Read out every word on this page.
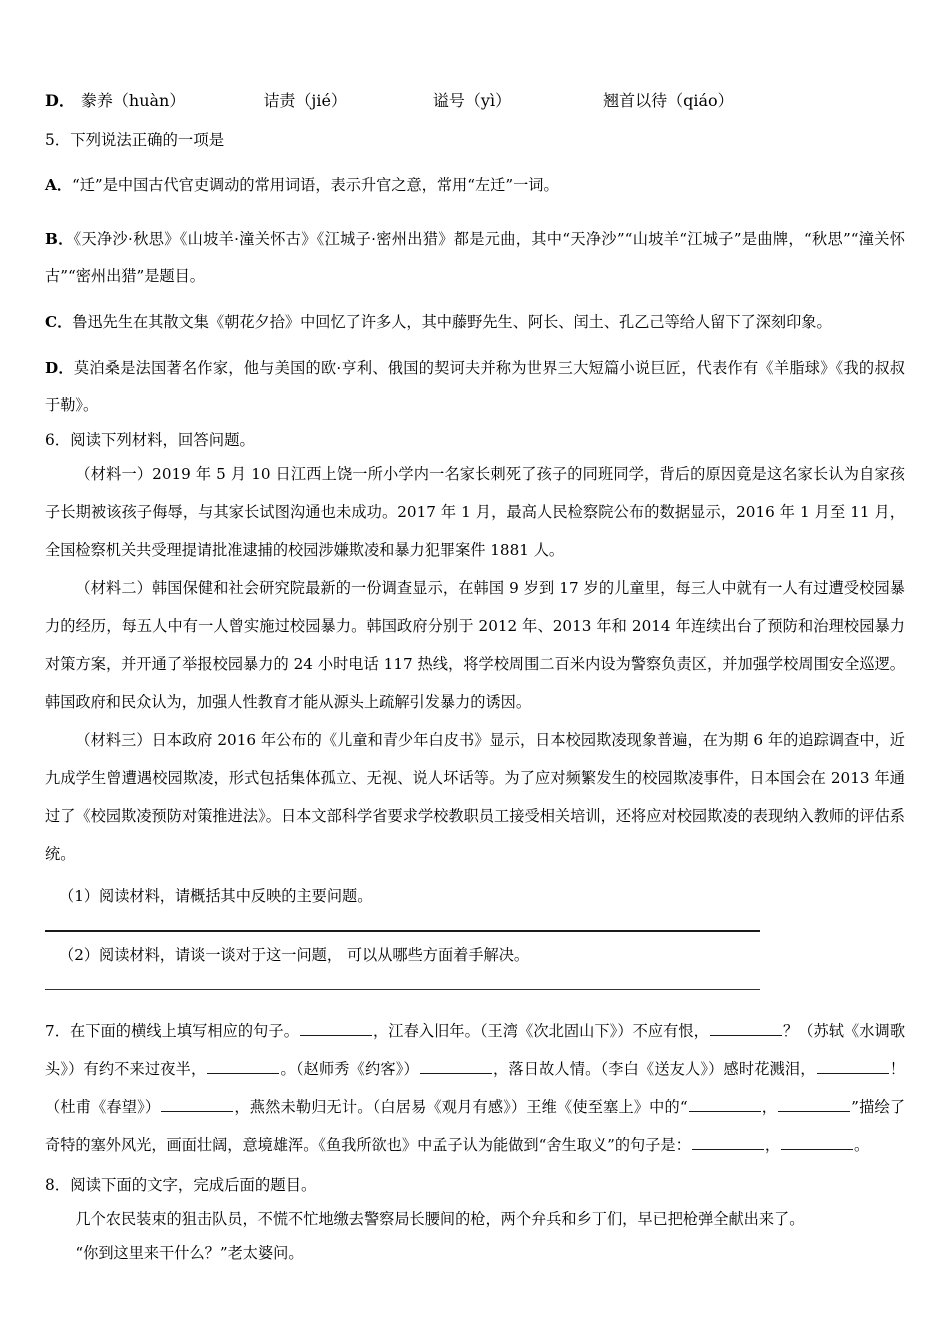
D． 豢养（huàn）	诘责（jié）	谥号（yì）	翘首以待（qiáo）
5．下列说法正确的一项是
A．“迁”是中国古代官吏调动的常用词语，表示升官之意，常用“左迁”一词。
B．《天净沙·秋思》《山坡羊·潼关怀古》《江城子·密州出猎》都是元曲，其中“天净沙”“山坡羊“江城子”是曲牌，“秋思”“潼关怀古”“密州出猎”是题目。
C．鲁迅先生在其散文集《朝花夕拾》中回忆了许多人，其中藤野先生、阿长、闰土、孔乙己等给人留下了深刻印象。
D．莫泊桑是法国著名作家，他与美国的欧·亨利、俄国的契诃夫并称为世界三大短篇小说巨匠，代表作有《羊脂球》《我的叔叔于勒》。
6．阅读下列材料，回答问题。
（材料一）2019 年 5 月 10 日江西上饶一所小学内一名家长刺死了孩子的同班同学，背后的原因竟是这名家长认为自家孩子长期被该孩子侮辱，与其家长试图沟通也未成功。2017 年 1 月，最高人民检察院公布的数据显示，2016 年 1 月至 11 月，全国检察机关共受理提请批准逮捕的校园涉嫌欺凌和暴力犯罪案件 1881 人。
（材料二）韩国保健和社会研究院最新的一份调查显示，在韩国 9 岁到 17 岁的儿童里，每三人中就有一人有过遭受校园暴力的经历，每五人中有一人曾实施过校园暴力。韩国政府分别于 2012 年、2013 年和 2014 年连续出台了预防和治理校园暴力对策方案，并开通了举报校园暴力的 24 小时电话 117 热线，将学校周围二百米内设为警察负责区，并加强学校周围安全巡逻。韩国政府和民众认为，加强人性教育才能从源头上疏解引发暴力的诱因。
（材料三）日本政府 2016 年公布的《儿童和青少年白皮书》显示，日本校园欺凌现象普遍，在为期 6 年的追踪调查中，近九成学生曾遭遇校园欺凌，形式包括集体孤立、无视、说人坏话等。为了应对频繁发生的校园欺凌事件，日本国会在 2013 年通过了《校园欺凌预防对策推进法》。日本文部科学省要求学校教职员工接受相关培训，还将应对校园欺凌的表现纳入教师的评估系统。
（1）阅读材料，请概括其中反映的主要问题。
（2）阅读材料，请谈一谈对于这一问题， 可以从哪些方面着手解决。
7．在下面的横线上填写相应的句子。	，江春入旧年。（王湾《次北固山下》）不应有恨，	？（苏轼《水调歌头》）有约不来过夜半，	。（赵师秀《约客》）	，落日故人情。（李白《送友人》）感时花溅泪，	！（杜甫《春望》）	，燕然未勒归无计。（白居易《观月有感》）王维《使至塞上》中的“	，	”描绘了奇特的塞外风光，画面壮阔，意境雄浑。《鱼我所欲也》中孟子认为能做到“舍生取义”的句子是：	，	。
8．阅读下面的文字，完成后面的题目。
几个农民装束的狙击队员，不慌不忙地缴去警察局长腰间的枪，两个弁兵和乡丁们，早已把枪弹全献出来了。
“你到这里来干什么？”老太婆问。
